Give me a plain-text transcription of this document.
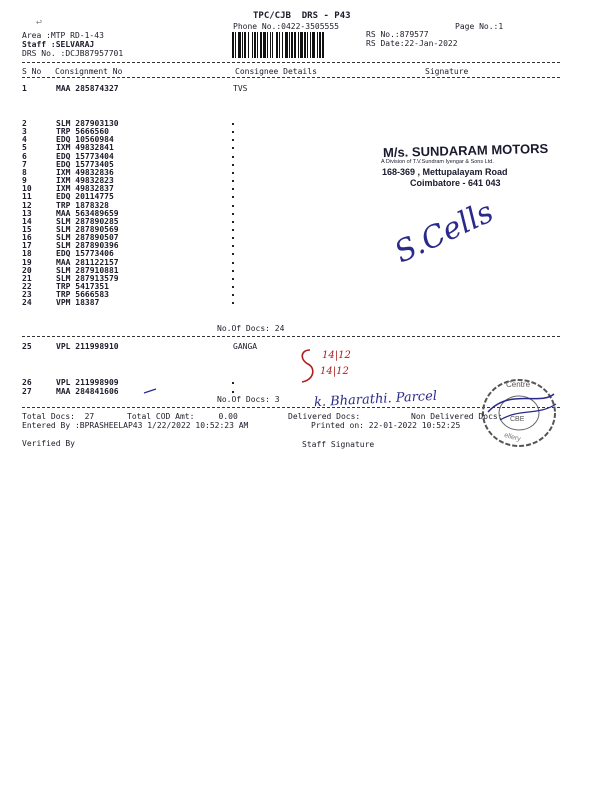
↩
TPC/CJB  DRS - P43
Phone No.:0422-3505555	Page No.:1
Area :MTP RD-1-43
Staff :SELVARAJ
DRS No. :DCJB87957701
RS No.:879577
RS Date:22-Jan-2022
S No Consignment No	Consignee Details	Signature
1	MAA 285874327	TVS
2	SLM 287903130
3	TRP 5666560
4	EDQ 10560984
5	IXM 49832841
6	EDQ 15773404
7	EDQ 15773405
8	IXM 49832836
9	IXM 49832823
10	IXM 49832837
11	EDQ 20114775
12	TRP 1878328
13	MAA 563489659
14	SLM 287890285
15	SLM 287890569
16	SLM 287890507
17	SLM 287890396
18	EDQ 15773406
19	MAA 281122157
20	SLM 287910881
21	SLM 287913579
22	TRP 5417351
23	TRP 5666583
24	VPM 18387
No.Of Docs: 24
25	VPL 211998910	GANGA
26	VPL 211998909
27	MAA 284841606
No.Of Docs: 3
M/s. SUNDARAM MOTORS
A Division of T.V.Sundram Iyengar & Sons Ltd.
168-369 , Mettupalayam Road
Coimbatore - 641 043
S.Cells
14|12
14|12
k. Bharathi. Parcel
Centre
CBE
ellery
Total Docs:  27	Total COD Amt:     0.00	Delivered Docs:	Non Delivered Docs:
Entered By :BPRASHEELAP43 1/22/2022 10:52:23 AM	Printed on: 22-01-2022 10:52:25
Verified By	Staff Signature
